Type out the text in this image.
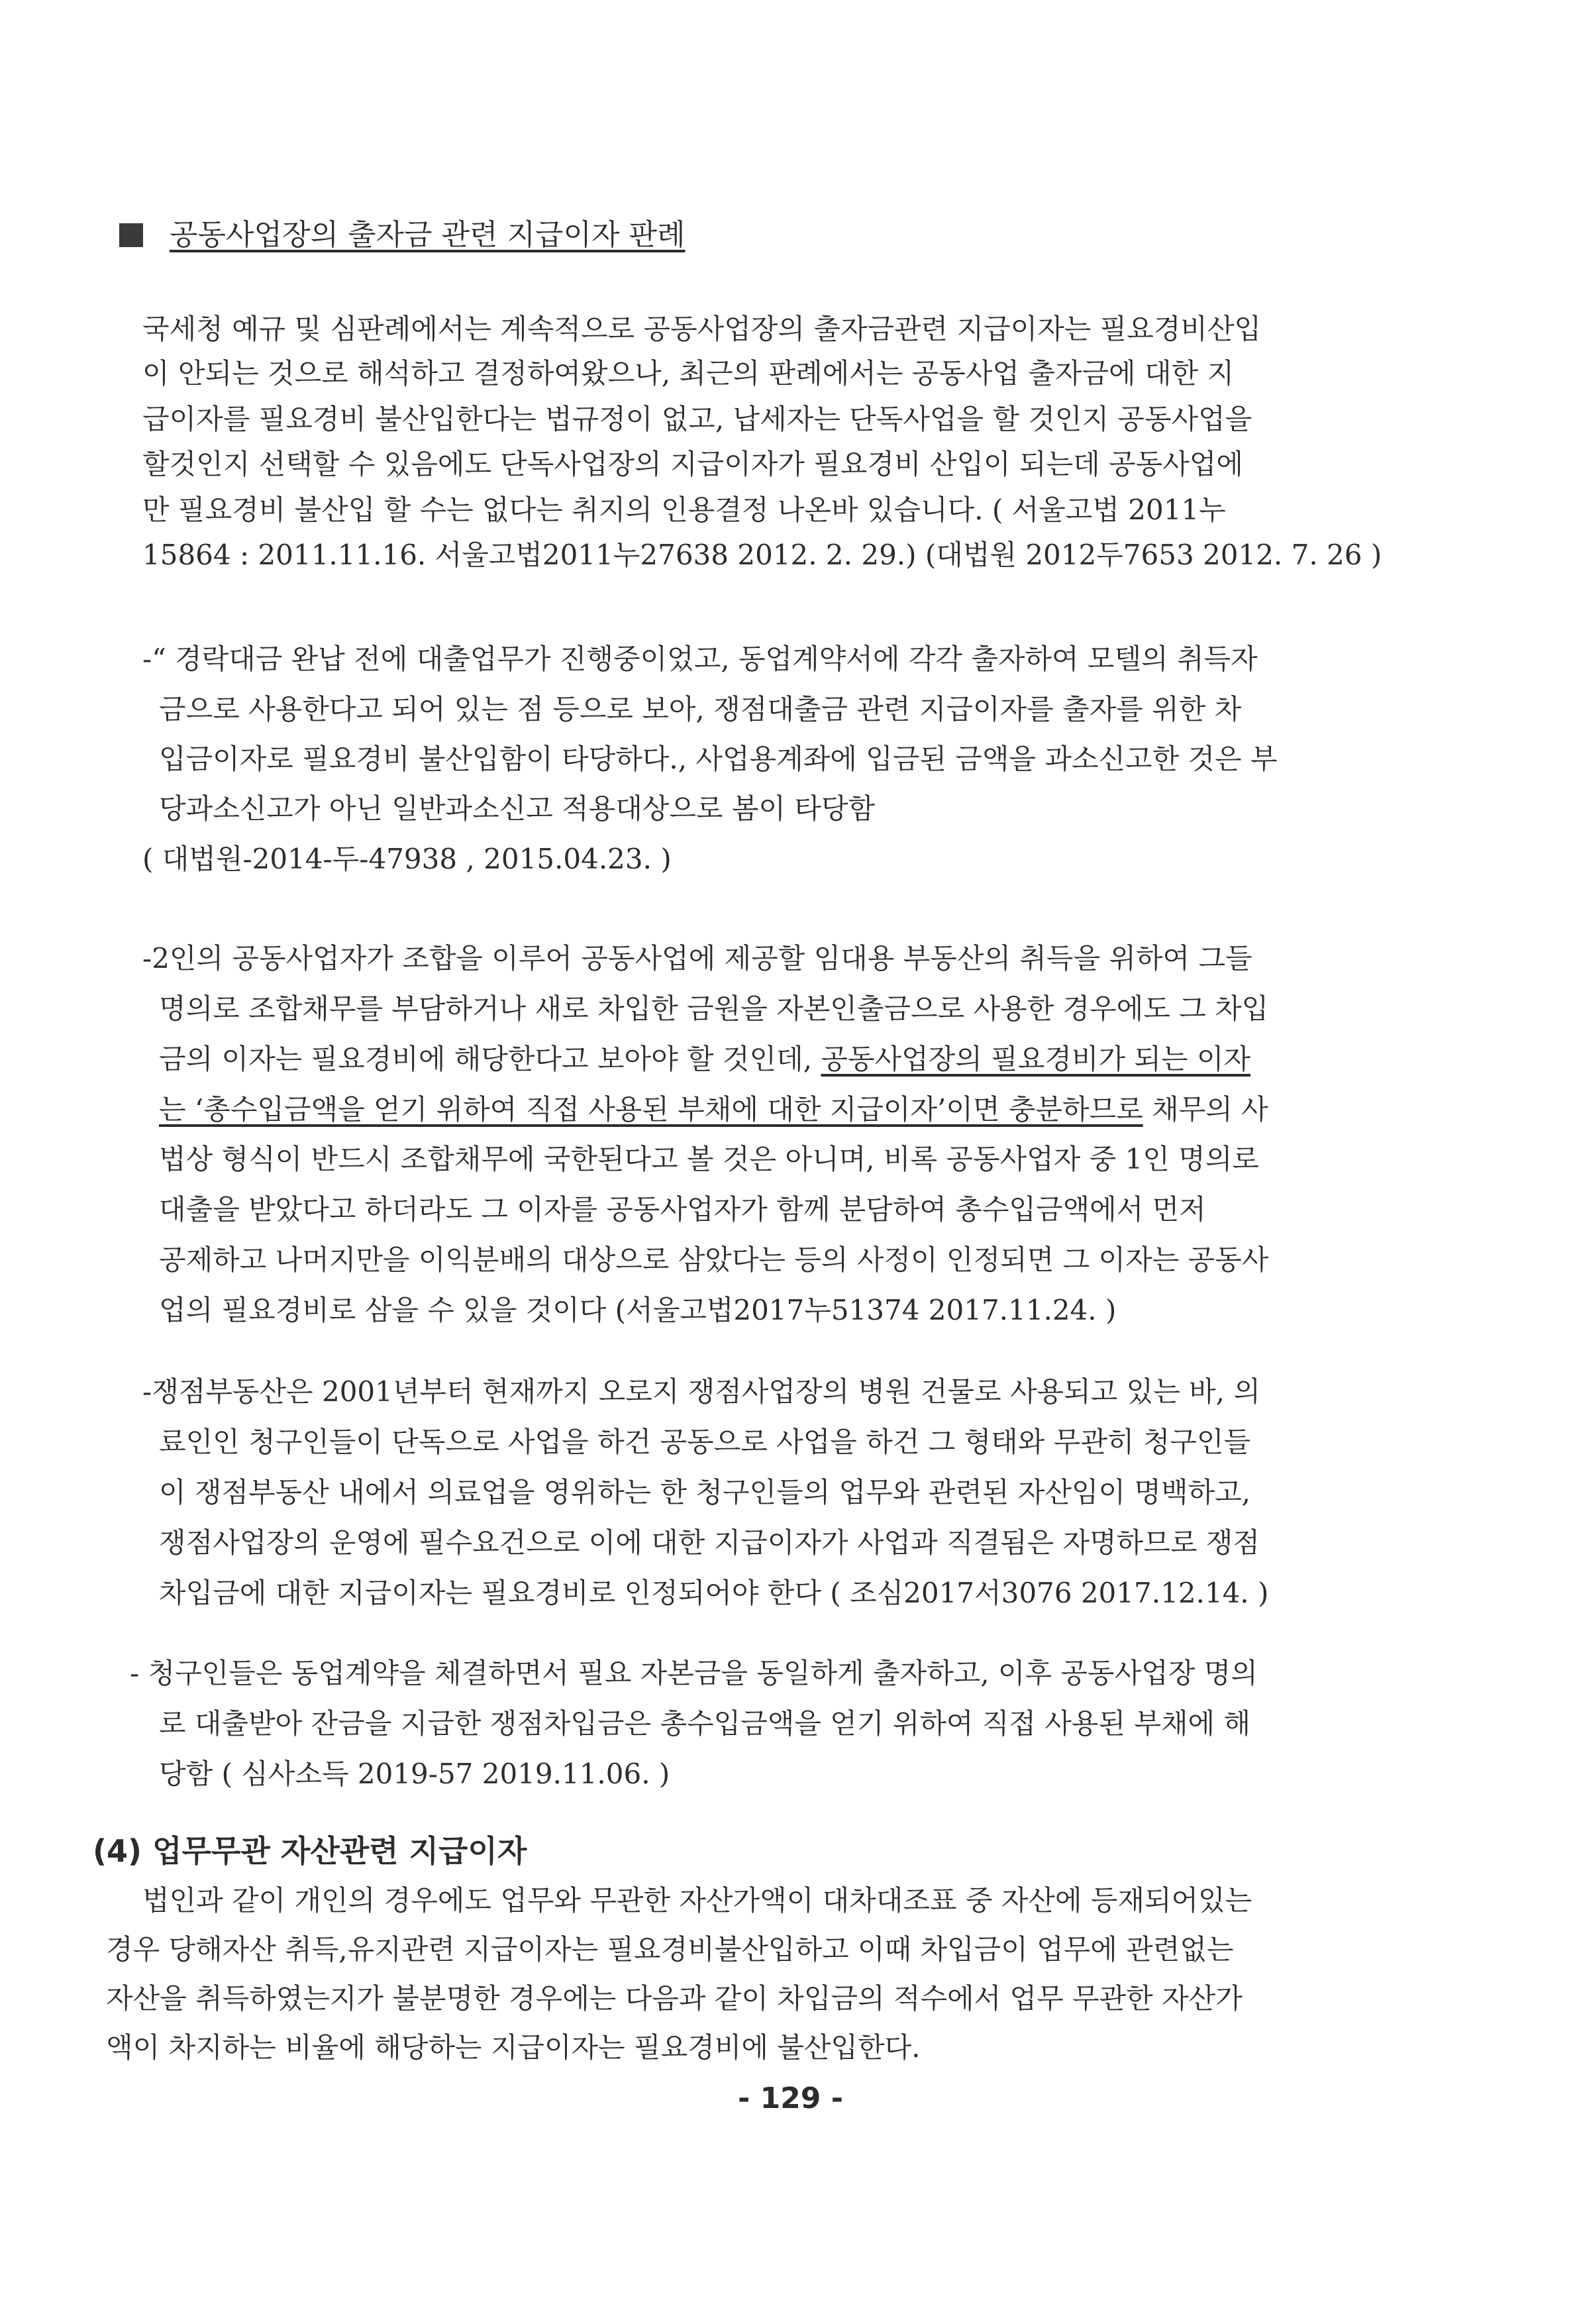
공동사업장의 출자금 관련 지급이자 판례

국세청 예규 및 심판례에서는 계속적으로 공동사업장의 출자금관련 지급이자는 필요경비산입

이 안되는 것으로 해석하고 결정하여왔으나, 최근의 판례에서는 공동사업 출자금에 대한 지

급이자를 필요경비 불산입한다는 법규정이 없고, 납세자는 단독사업을 할 것인지 공동사업을

할것인지 선택할 수 있음에도 단독사업장의 지급이자가 필요경비 산입이 되는데 공동사업에

만 필요경비 불산입 할 수는 없다는 취지의 인용결정 나온바 있습니다. ( 서울고법 2011누

15864 : 2011.11.16. 서울고법2011누27638 2012. 2. 29.) (대법원 2012두7653 2012. 7. 26 )

-“ 경락대금 완납 전에 대출업무가 진행중이었고, 동업계약서에 각각 출자하여 모텔의 취득자

금으로 사용한다고 되어 있는 점 등으로 보아, 쟁점대출금 관련 지급이자를 출자를 위한 차

입금이자로 필요경비 불산입함이 타당하다., 사업용계좌에 입금된 금액을 과소신고한 것은 부

당과소신고가 아닌 일반과소신고 적용대상으로 봄이 타당함

( 대법원-2014-두-47938 , 2015.04.23. )

-2인의 공동사업자가 조합을 이루어 공동사업에 제공할 임대용 부동산의 취득을 위하여 그들

명의로 조합채무를 부담하거나 새로 차입한 금원을 자본인출금으로 사용한 경우에도 그 차입

금의 이자는 필요경비에 해당한다고 보아야 할 것인데, 공동사업장의 필요경비가 되는 이자

는 ‘총수입금액을 얻기 위하여 직접 사용된 부채에 대한 지급이자’이면 충분하므로 채무의 사

법상 형식이 반드시 조합채무에 국한된다고 볼 것은 아니며, 비록 공동사업자 중 1인 명의로

대출을 받았다고 하더라도 그 이자를 공동사업자가 함께 분담하여 총수입금액에서 먼저

공제하고 나머지만을 이익분배의 대상으로 삼았다는 등의 사정이 인정되면 그 이자는 공동사

업의 필요경비로 삼을 수 있을 것이다 (서울고법2017누51374 2017.11.24. )

-쟁점부동산은 2001년부터 현재까지 오로지 쟁점사업장의 병원 건물로 사용되고 있는 바, 의

료인인 청구인들이 단독으로 사업을 하건 공동으로 사업을 하건 그 형태와 무관히 청구인들

이 쟁점부동산 내에서 의료업을 영위하는 한 청구인들의 업무와 관련된 자산임이 명백하고,

쟁점사업장의 운영에 필수요건으로 이에 대한 지급이자가 사업과 직결됨은 자명하므로 쟁점

차입금에 대한 지급이자는 필요경비로 인정되어야 한다 ( 조심2017서3076 2017.12.14. )

- 청구인들은 동업계약을 체결하면서 필요 자본금을 동일하게 출자하고, 이후 공동사업장 명의

로 대출받아 잔금을 지급한 쟁점차입금은 총수입금액을 얻기 위하여 직접 사용된 부채에 해

당함 ( 심사소득 2019-57 2019.11.06. )

(4) 업무무관 자산관련 지급이자

법인과 같이 개인의 경우에도 업무와 무관한 자산가액이 대차대조표 중 자산에 등재되어있는

경우 당해자산 취득,유지관련 지급이자는 필요경비불산입하고 이때 차입금이 업무에 관련없는

자산을 취득하였는지가 불분명한 경우에는 다음과 같이 차입금의 적수에서 업무 무관한 자산가

액이 차지하는 비율에 해당하는 지급이자는 필요경비에 불산입한다.

- 129 -
